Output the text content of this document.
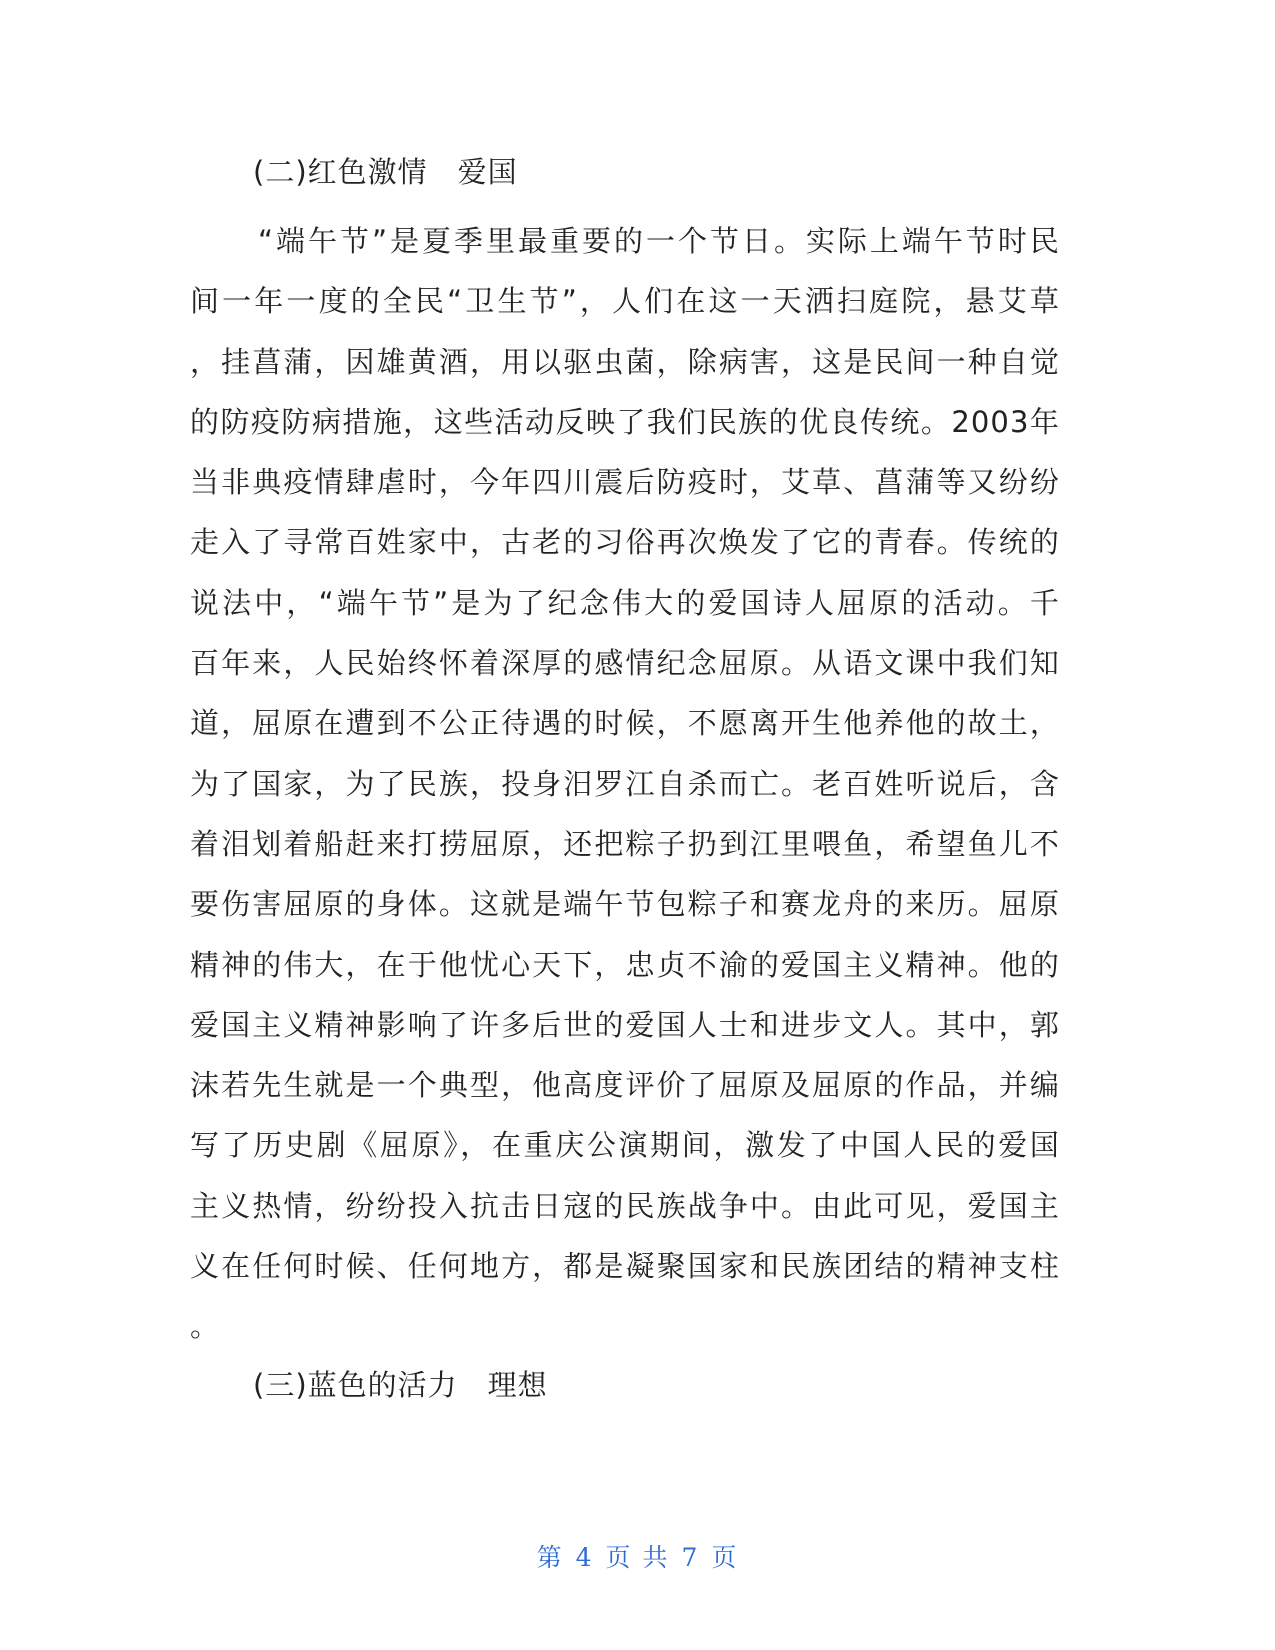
(二)红色激情　爱国
“端午节”是夏季里最重要的一个节日。实际上端午节时民
间一年一度的全民“卫生节”，人们在这一天洒扫庭院，悬艾草
，挂菖蒲，因雄黄酒，用以驱虫菌，除病害，这是民间一种自觉
的防疫防病措施，这些活动反映了我们民族的优良传统。2003年
当非典疫情肆虐时，今年四川震后防疫时，艾草、菖蒲等又纷纷
走入了寻常百姓家中，古老的习俗再次焕发了它的青春。传统的
说法中，“端午节”是为了纪念伟大的爱国诗人屈原的活动。千
百年来，人民始终怀着深厚的感情纪念屈原。从语文课中我们知
道，屈原在遭到不公正待遇的时候，不愿离开生他养他的故土，
为了国家，为了民族，投身汨罗江自杀而亡。老百姓听说后，含
着泪划着船赶来打捞屈原，还把粽子扔到江里喂鱼，希望鱼儿不
要伤害屈原的身体。这就是端午节包粽子和赛龙舟的来历。屈原
精神的伟大，在于他忧心天下，忠贞不渝的爱国主义精神。他的
爱国主义精神影响了许多后世的爱国人士和进步文人。其中，郭
沫若先生就是一个典型，他高度评价了屈原及屈原的作品，并编
写了历史剧《屈原》，在重庆公演期间，激发了中国人民的爱国
主义热情，纷纷投入抗击日寇的民族战争中。由此可见，爱国主
义在任何时候、任何地方，都是凝聚国家和民族团结的精神支柱
。
(三)蓝色的活力　理想
第 4 页 共 7 页
